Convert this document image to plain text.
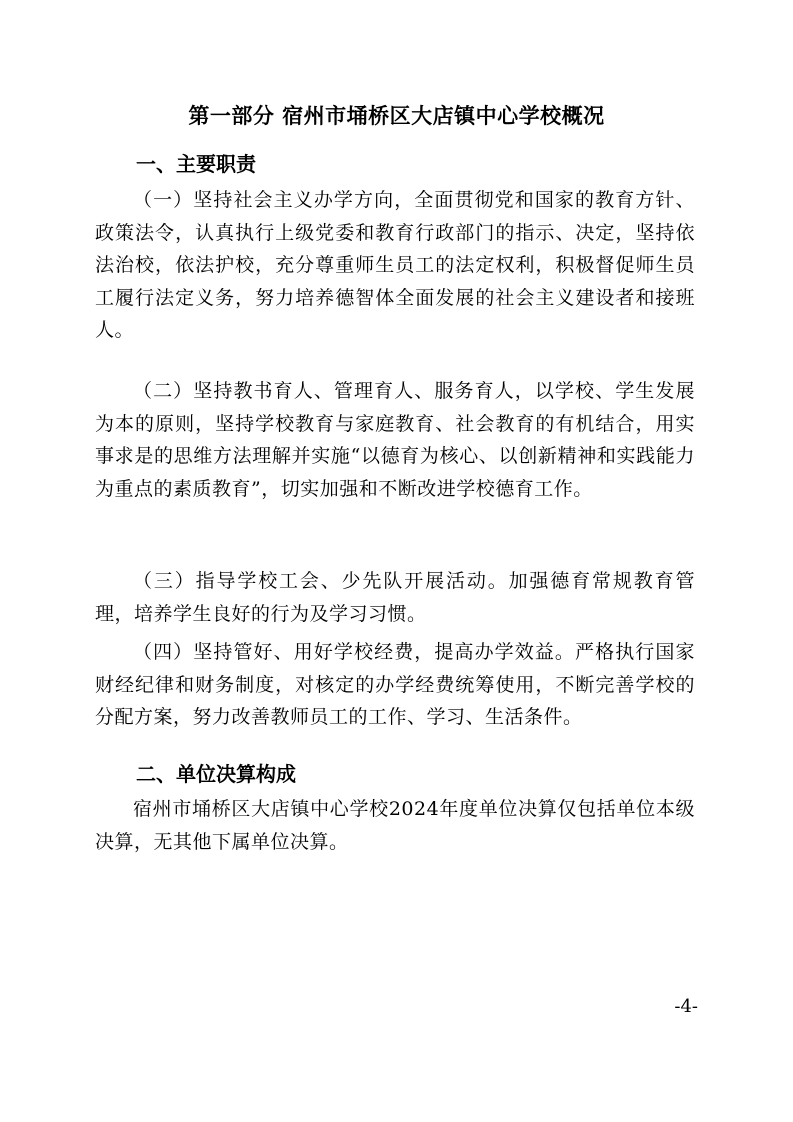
第一部分 宿州市埇桥区大店镇中心学校概况
一、主要职责
（一）坚持社会主义办学方向，全面贯彻党和国家的教育方针、政策法令，认真执行上级党委和教育行政部门的指示、决定，坚持依法治校，依法护校，充分尊重师生员工的法定权利，积极督促师生员工履行法定义务，努力培养德智体全面发展的社会主义建设者和接班人。
（二）坚持教书育人、管理育人、服务育人，以学校、学生发展为本的原则，坚持学校教育与家庭教育、社会教育的有机结合，用实事求是的思维方法理解并实施“以德育为核心、以创新精神和实践能力为重点的素质教育”，切实加强和不断改进学校德育工作。
（三）指导学校工会、少先队开展活动。加强德育常规教育管理，培养学生良好的行为及学习习惯。
（四）坚持管好、用好学校经费，提高办学效益。严格执行国家财经纪律和财务制度，对核定的办学经费统筹使用，不断完善学校的分配方案，努力改善教师员工的工作、学习、生活条件。
二、单位决算构成
宿州市埇桥区大店镇中心学校2024年度单位决算仅包括单位本级决算，无其他下属单位决算。
-4-
